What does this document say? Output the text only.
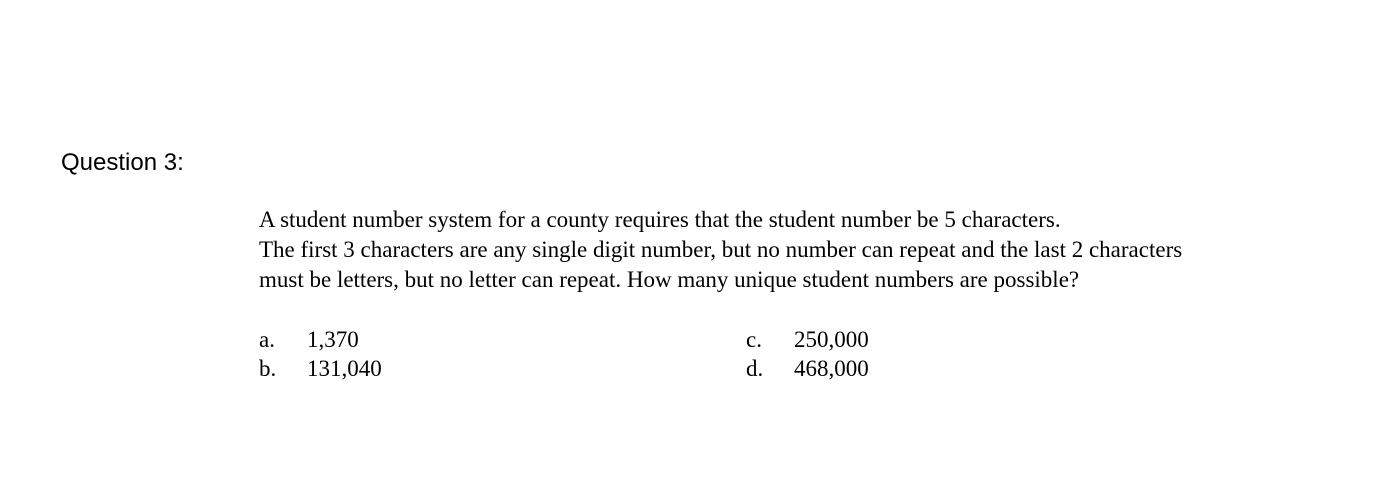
Question 3:
A student number system for a county requires that the student number be 5 characters.
The first 3 characters are any single digit number, but no number can repeat and the last 2 characters
must be letters, but no letter can repeat. How many unique student numbers are possible?
a.	1,370
b.	131,040
c.	250,000
d.	468,000
